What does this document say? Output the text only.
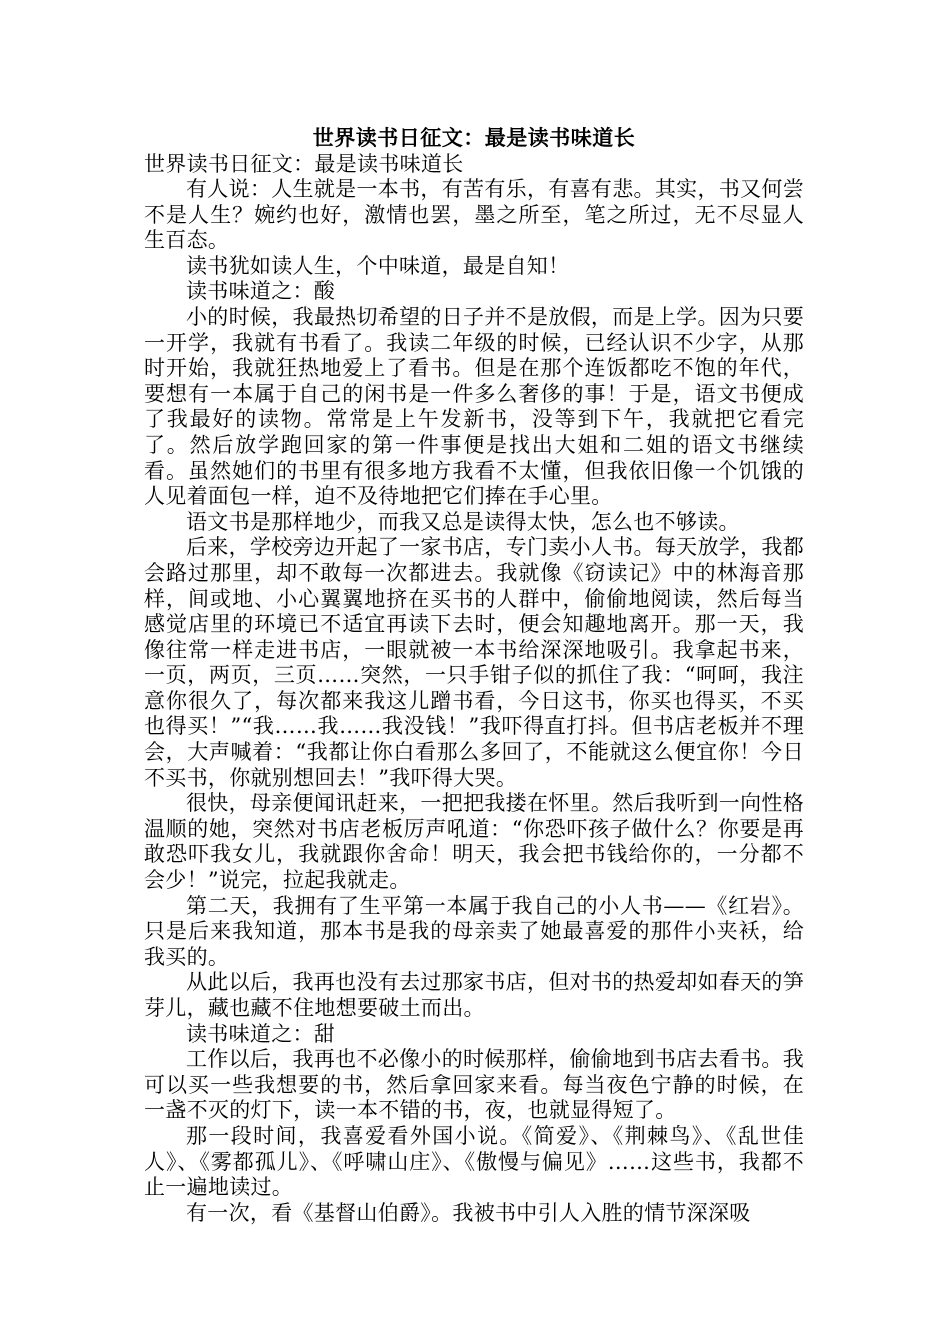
世界读书日征文：最是读书味道长

世界读书日征文：最是读书味道长

有人说：人生就是一本书，有苦有乐，有喜有悲。其实，书又何尝不是人生？婉约也好，激情也罢，墨之所至，笔之所过，无不尽显人生百态。

读书犹如读人生，个中味道，最是自知！

读书味道之：酸

小的时候，我最热切希望的日子并不是放假，而是上学。因为只要一开学，我就有书看了。我读二年级的时候，已经认识不少字，从那时开始，我就狂热地爱上了看书。但是在那个连饭都吃不饱的年代，要想有一本属于自己的闲书是一件多么奢侈的事！于是，语文书便成了我最好的读物。常常是上午发新书，没等到下午，我就把它看完了。然后放学跑回家的第一件事便是找出大姐和二姐的语文书继续看。虽然她们的书里有很多地方我看不太懂，但我依旧像一个饥饿的人见着面包一样，迫不及待地把它们捧在手心里。

语文书是那样地少，而我又总是读得太快，怎么也不够读。

后来，学校旁边开起了一家书店，专门卖小人书。每天放学，我都会路过那里，却不敢每一次都进去。我就像《窃读记》中的林海音那样，间或地、小心翼翼地挤在买书的人群中，偷偷地阅读，然后每当感觉店里的环境已不适宜再读下去时，便会知趣地离开。那一天，我像往常一样走进书店，一眼就被一本书给深深地吸引。我拿起书来，一页，两页，三页……突然，一只手钳子似的抓住了我：“呵呵，我注意你很久了，每次都来我这儿蹭书看，今日这书，你买也得买，不买也得买！”“我……我……我没钱！”我吓得直打抖。但书店老板并不理会，大声喊着：“我都让你白看那么多回了，不能就这么便宜你！今日不买书，你就别想回去！”我吓得大哭。

很快，母亲便闻讯赶来，一把把我搂在怀里。然后我听到一向性格温顺的她，突然对书店老板厉声吼道：“你恐吓孩子做什么？你要是再敢恐吓我女儿，我就跟你舍命！明天，我会把书钱给你的，一分都不会少！”说完，拉起我就走。

第二天，我拥有了生平第一本属于我自己的小人书——《红岩》。只是后来我知道，那本书是我的母亲卖了她最喜爱的那件小夹袄，给我买的。

从此以后，我再也没有去过那家书店，但对书的热爱却如春天的笋芽儿，藏也藏不住地想要破土而出。

读书味道之：甜

工作以后，我再也不必像小的时候那样，偷偷地到书店去看书。我可以买一些我想要的书，然后拿回家来看。每当夜色宁静的时候，在一盏不灭的灯下，读一本不错的书，夜，也就显得短了。

那一段时间，我喜爱看外国小说。《简爱》、《荆棘鸟》、《乱世佳人》、《雾都孤儿》、《呼啸山庄》、《傲慢与偏见》……这些书，我都不止一遍地读过。

有一次，看《基督山伯爵》。我被书中引人入胜的情节深深吸
